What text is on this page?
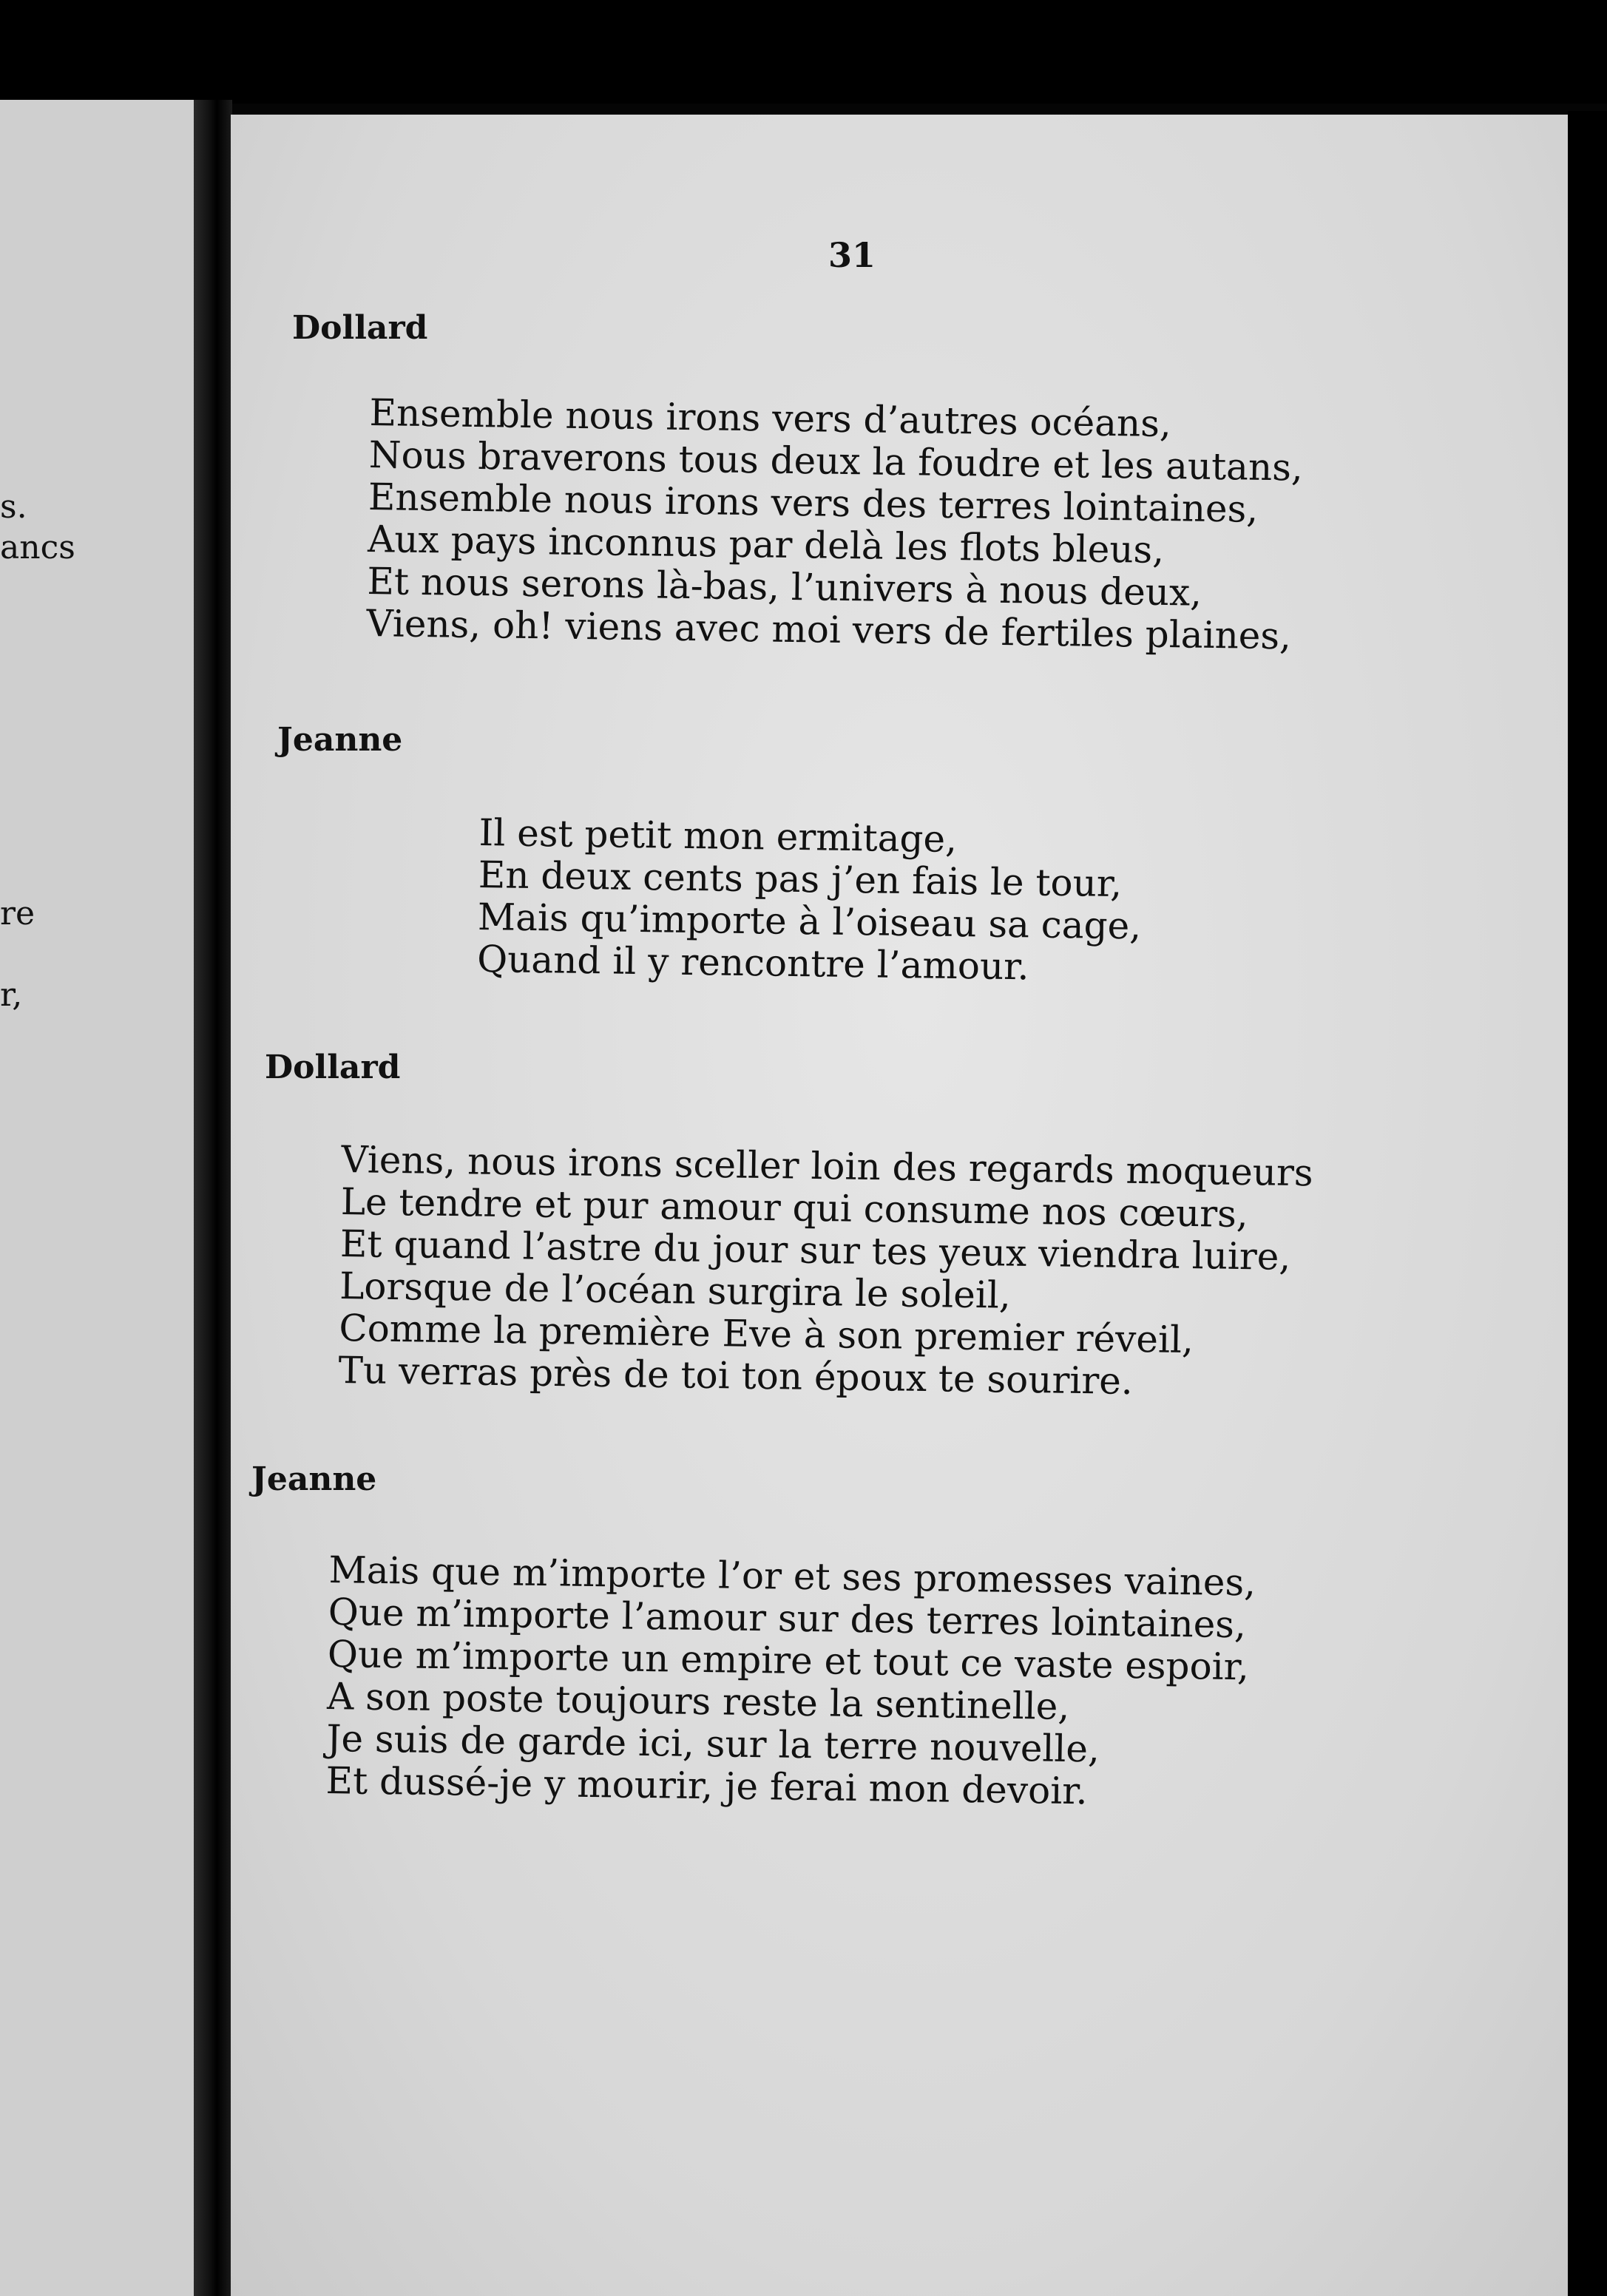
s.
ancs
re
r,
31
Dollard
Ensemble nous irons vers d’autres océans,
Nous braverons tous deux la foudre et les autans,
Ensemble nous irons vers des terres lointaines,
Aux pays inconnus par delà les flots bleus,
Et nous serons là-bas, l’univers à nous deux,
Viens, oh! viens avec moi vers de fertiles plaines,
Jeanne
Il est petit mon ermitage,
En deux cents pas j’en fais le tour,
Mais qu’importe à l’oiseau sa cage,
Quand il y rencontre l’amour.
Dollard
Viens, nous irons sceller loin des regards moqueurs
Le tendre et pur amour qui consume nos cœurs,
Et quand l’astre du jour sur tes yeux viendra luire,
Lorsque de l’océan surgira le soleil,
Comme la première Eve à son premier réveil,
Tu verras près de toi ton époux te sourire.
Jeanne
Mais que m’importe l’or et ses promesses vaines,
Que m’importe l’amour sur des terres lointaines,
Que m’importe un empire et tout ce vaste espoir,
A son poste toujours reste la sentinelle,
Je suis de garde ici, sur la terre nouvelle,
Et dussé-je y mourir, je ferai mon devoir.
